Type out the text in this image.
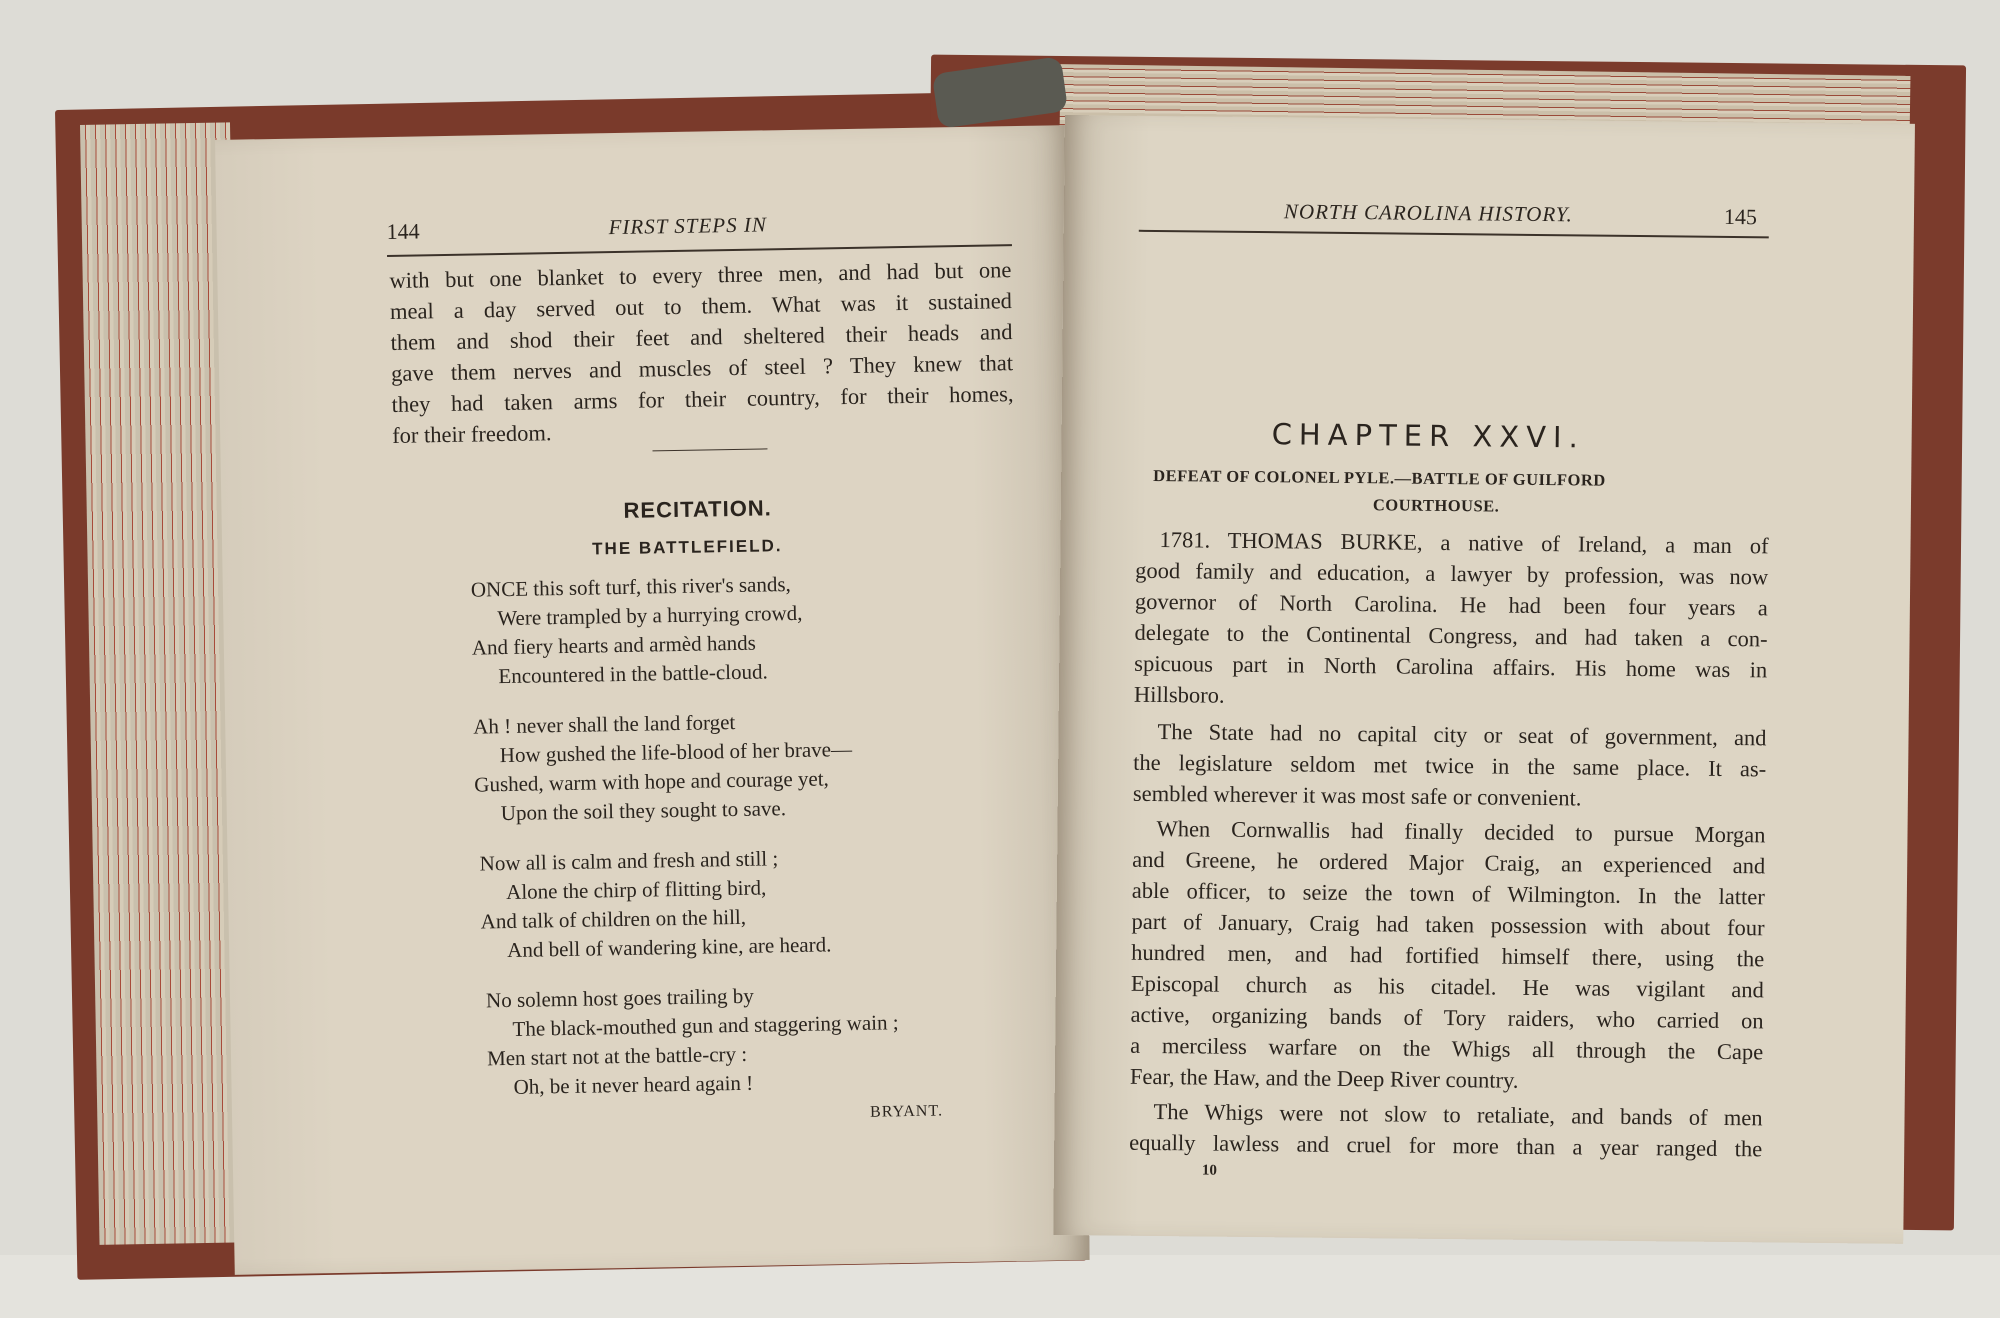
144	FIRST STEPS IN
with but one blanket to every three men, and had but one
meal a day served out to them. What was it sustained
them and shod their feet and sheltered their heads and
gave them nerves and muscles of steel ? They knew that
they had taken arms for their country, for their homes,
for their freedom.
RECITATION.
THE BATTLEFIELD.
ONCE this soft turf, this river's sands,
Were trampled by a hurrying crowd,
And fiery hearts and armèd hands
Encountered in the battle-cloud.
Ah ! never shall the land forget
How gushed the life-blood of her brave—
Gushed, warm with hope and courage yet,
Upon the soil they sought to save.
Now all is calm and fresh and still ;
Alone the chirp of flitting bird,
And talk of children on the hill,
And bell of wandering kine, are heard.
No solemn host goes trailing by
The black-mouthed gun and staggering wain ;
Men start not at the battle-cry :
Oh, be it never heard again !
BRYANT.
NORTH CAROLINA HISTORY.	145
CHAPTER XXVI.
DEFEAT OF COLONEL PYLE.—BATTLE OF GUILFORD
COURTHOUSE.
1781. THOMAS BURKE, a native of Ireland, a man of
good family and education, a lawyer by profession, was now
governor of North Carolina. He had been four years a
delegate to the Continental Congress, and had taken a con-
spicuous part in North Carolina affairs. His home was in
Hillsboro.
The State had no capital city or seat of government, and
the legislature seldom met twice in the same place. It as-
sembled wherever it was most safe or convenient.
When Cornwallis had finally decided to pursue Morgan
and Greene, he ordered Major Craig, an experienced and
able officer, to seize the town of Wilmington. In the latter
part of January, Craig had taken possession with about four
hundred men, and had fortified himself there, using the
Episcopal church as his citadel. He was vigilant and
active, organizing bands of Tory raiders, who carried on
a merciless warfare on the Whigs all through the Cape
Fear, the Haw, and the Deep River country.
The Whigs were not slow to retaliate, and bands of men
equally lawless and cruel for more than a year ranged the
10
